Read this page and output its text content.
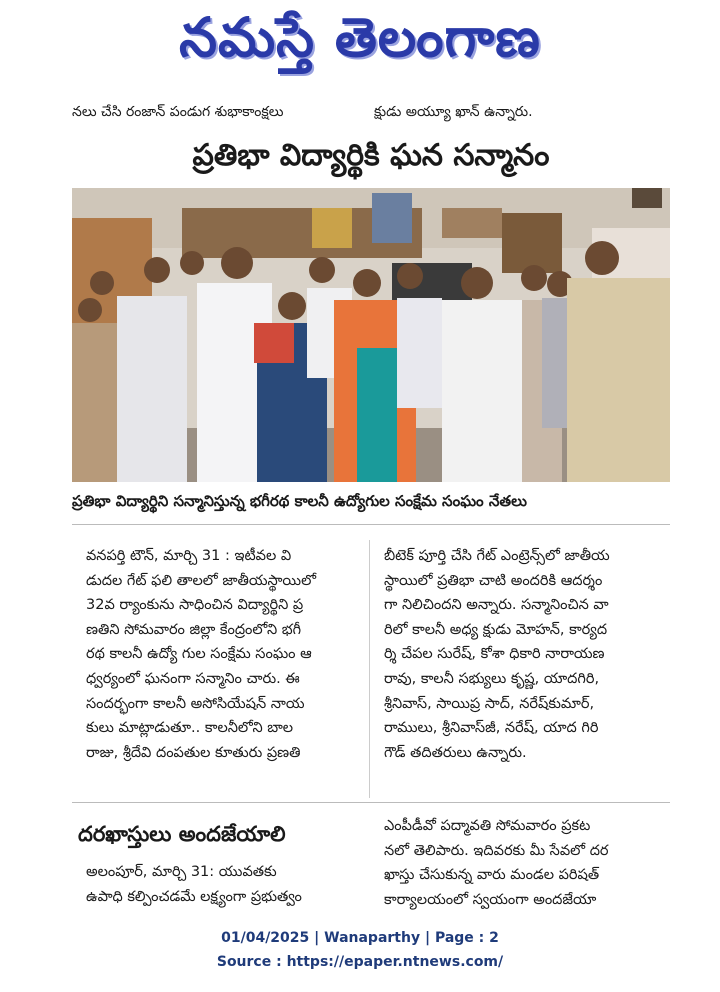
నమస్తే తెలంగాణ
నలు చేసి రంజాన్ పండుగ శుభాకాంక్షలు	క్షుడు అయ్యూ ఖాన్ ఉన్నారు.
ప్రతిభా విద్యార్థికి ఘన సన్మానం
ప్రతిభా విద్యార్థిని సన్మానిస్తున్న భగీరథ కాలనీ ఉద్యోగుల సంక్షేమ సంఘం నేతలు

వనపర్తి టౌన్, మార్చి 31 : ఇటీవల వి

డుదల గేట్ ఫలి తాలలో జాతీయస్థాయిలో

32వ ర్యాంకును సాధించిన విద్యార్థిని ప్ర

ణతిని సోమవారం జిల్లా కేంద్రంలోని భగీ

రథ కాలనీ ఉద్యో గుల సంక్షేమ సంఘం ఆ

ధ్వర్యంలో ఘనంగా సన్మానిం చారు. ఈ

సందర్భంగా కాలనీ అసోసియేషన్ నాయ

కులు మాట్లాడుతూ.. కాలనీలోని బాల

రాజు, శ్రీదేవి దంపతుల కూతురు ప్రణతి

బీటెక్ పూర్తి చేసి గేట్ ఎంట్రెన్స్‌లో జాతీయ

స్థాయిలో ప్రతిభా చాటి అందరికి ఆదర్శం

గా నిలిచిందని అన్నారు. సన్మానించిన వా

రిలో కాలనీ అధ్య క్షుడు మోహన్, కార్యద

ర్శి చేపల సురేష్, కోశా ధికారి నారాయణ

రావు, కాలనీ సభ్యులు కృష్ణ, యాదగిరి,

శ్రీనివాస్, సాయిప్ర సాద్, నరేష్‌కుమార్,

రాములు, శ్రీనివాస్‌జీ, నరేష్, యాద గిరి

గౌడ్ తదితరులు ఉన్నారు.

దరఖాస్తులు అందజేయాలి

అలంపూర్, మార్చి 31: యువతకు

ఉపాధి కల్పించడమే లక్ష్యంగా ప్రభుత్వం

ఎంపీడీవో పద్మావతి సోమవారం ప్రకట

నలో తెలిపారు. ఇదివరకు మీ సేవలో దర

ఖాస్తు చేసుకున్న వారు మండల పరిషత్

కార్యాలయంలో స్వయంగా అందజేయా

01/04/2025 | Wanaparthy | Page : 2
Source : https://epaper.ntnews.com/
